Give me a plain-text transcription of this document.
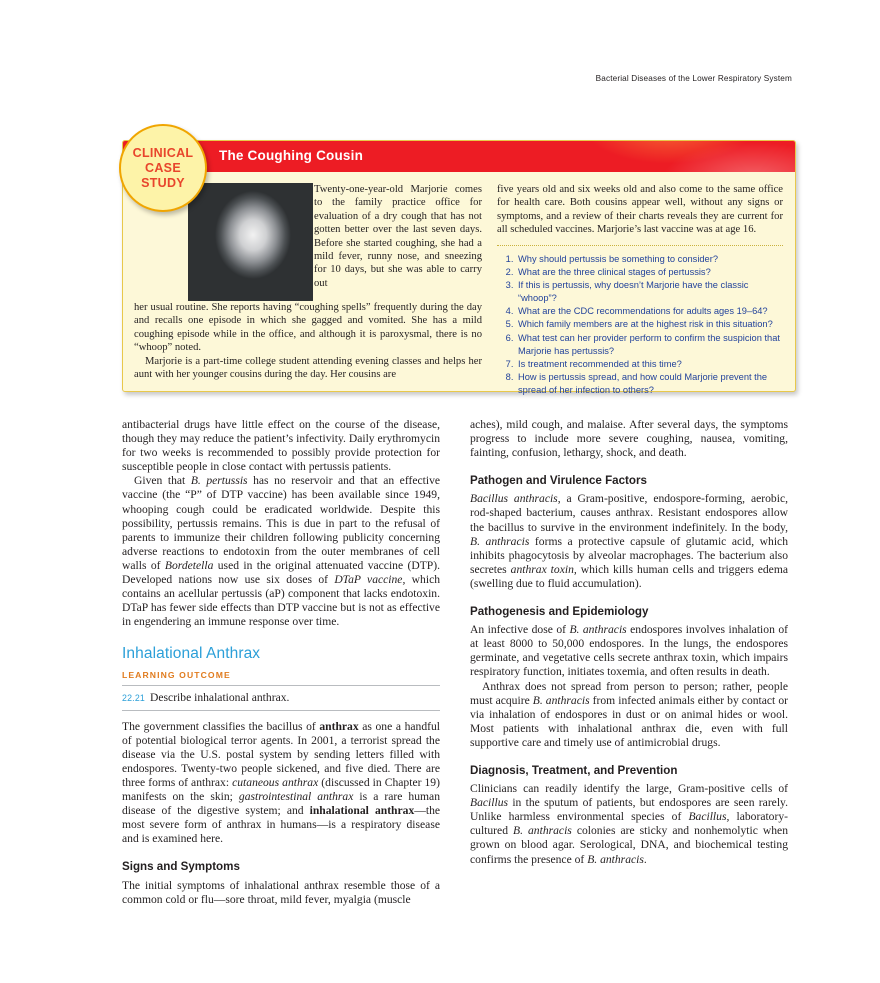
Bacterial Diseases of the Lower Respiratory System
The Coughing Cousin
Twenty-one-year-old Marjorie comes to the family practice office for evaluation of a dry cough that has not gotten better over the last seven days. Before she started coughing, she had a mild fever, runny nose, and sneezing for 10 days, but she was able to carry out

her usual routine. She reports having “coughing spells” frequently during the day and recalls one episode in which she gagged and vomited. She has a mild coughing episode while in the office, and although it is paroxysmal, there is no “whoop” noted.

Marjorie is a part-time college student attending evening classes and helps her aunt with her younger cousins during the day. Her cousins are

five years old and six weeks old and also come to the same office for health care. Both cousins appear well, without any signs or symptoms, and a review of their charts reveals they are current for all scheduled vaccines. Marjorie’s last vaccine was at age 16.
1. Why should pertussis be something to consider?
2. What are the three clinical stages of pertussis?
3. If this is pertussis, why doesn’t Marjorie have the classic “whoop”?
4. What are the CDC recommendations for adults ages 19–64?
5. Which family members are at the highest risk in this situation?
6. What test can her provider perform to confirm the suspicion that Marjorie has pertussis?
7. Is treatment recommended at this time?
8. How is pertussis spread, and how could Marjorie prevent the spread of her infection to others?
CLINICAL
CASE
STUDY

antibacterial drugs have little effect on the course of the disease, though they may reduce the patient’s infectivity. Daily erythromycin for two weeks is recommended to possibly provide protection for susceptible people in close contact with pertussis patients.

Given that B. pertussis has no reservoir and that an effective vaccine (the “P” of DTP vaccine) has been available since 1949, whooping cough could be eradicated worldwide. Despite this possibility, pertussis remains. This is due in part to the refusal of parents to immunize their children following publicity concerning adverse reactions to endotoxin from the outer membranes of cell walls of Bordetella used in the original attenuated vaccine (DTP). Developed nations now use six doses of DTaP vaccine, which contains an acellular pertussis (aP) component that lacks endotoxin. DTaP has fewer side effects than DTP vaccine but is not as effective in engendering an immune response over time.

Inhalational Anthrax
LEARNING OUTCOME
22.21 Describe inhalational anthrax.

The government classifies the bacillus of anthrax as one a handful of potential biological terror agents. In 2001, a terrorist spread the disease via the U.S. postal system by sending letters filled with endospores. Twenty-two people sickened, and five died. There are three forms of anthrax: cutaneous anthrax (discussed in Chapter 19) manifests on the skin; gastrointestinal anthrax is a rare human disease of the digestive system; and inhalational anthrax—the most severe form of anthrax in humans—is a respiratory disease and is examined here.

Signs and Symptoms

The initial symptoms of inhalational anthrax resemble those of a common cold or flu—sore throat, mild fever, myalgia (muscle

aches), mild cough, and malaise. After several days, the symptoms progress to include more severe coughing, nausea, vomiting, fainting, confusion, lethargy, shock, and death.

Pathogen and Virulence Factors

Bacillus anthracis, a Gram-positive, endospore-forming, aerobic, rod-shaped bacterium, causes anthrax. Resistant endospores allow the bacillus to survive in the environment indefinitely. In the body, B. anthracis forms a protective capsule of glutamic acid, which inhibits phagocytosis by alveolar macrophages. The bacterium also secretes anthrax toxin, which kills human cells and triggers edema (swelling due to fluid accumulation).

Pathogenesis and Epidemiology

An infective dose of B. anthracis endospores involves inhalation of at least 8000 to 50,000 endospores. In the lungs, the endospores germinate, and vegetative cells secrete anthrax toxin, which impairs respiratory function, initiates toxemia, and often results in death.

Anthrax does not spread from person to person; rather, people must acquire B. anthracis from infected animals either by contact or via inhalation of endospores in dust or on animal hides or wool. Most patients with inhalational anthrax die, even with full supportive care and timely use of antimicrobial drugs.

Diagnosis, Treatment, and Prevention

Clinicians can readily identify the large, Gram-positive cells of Bacillus in the sputum of patients, but endospores are seen rarely. Unlike harmless environmental species of Bacillus, laboratory-cultured B. anthracis colonies are sticky and nonhemolytic when grown on blood agar. Serological, DNA, and biochemical testing confirms the presence of B. anthracis.
